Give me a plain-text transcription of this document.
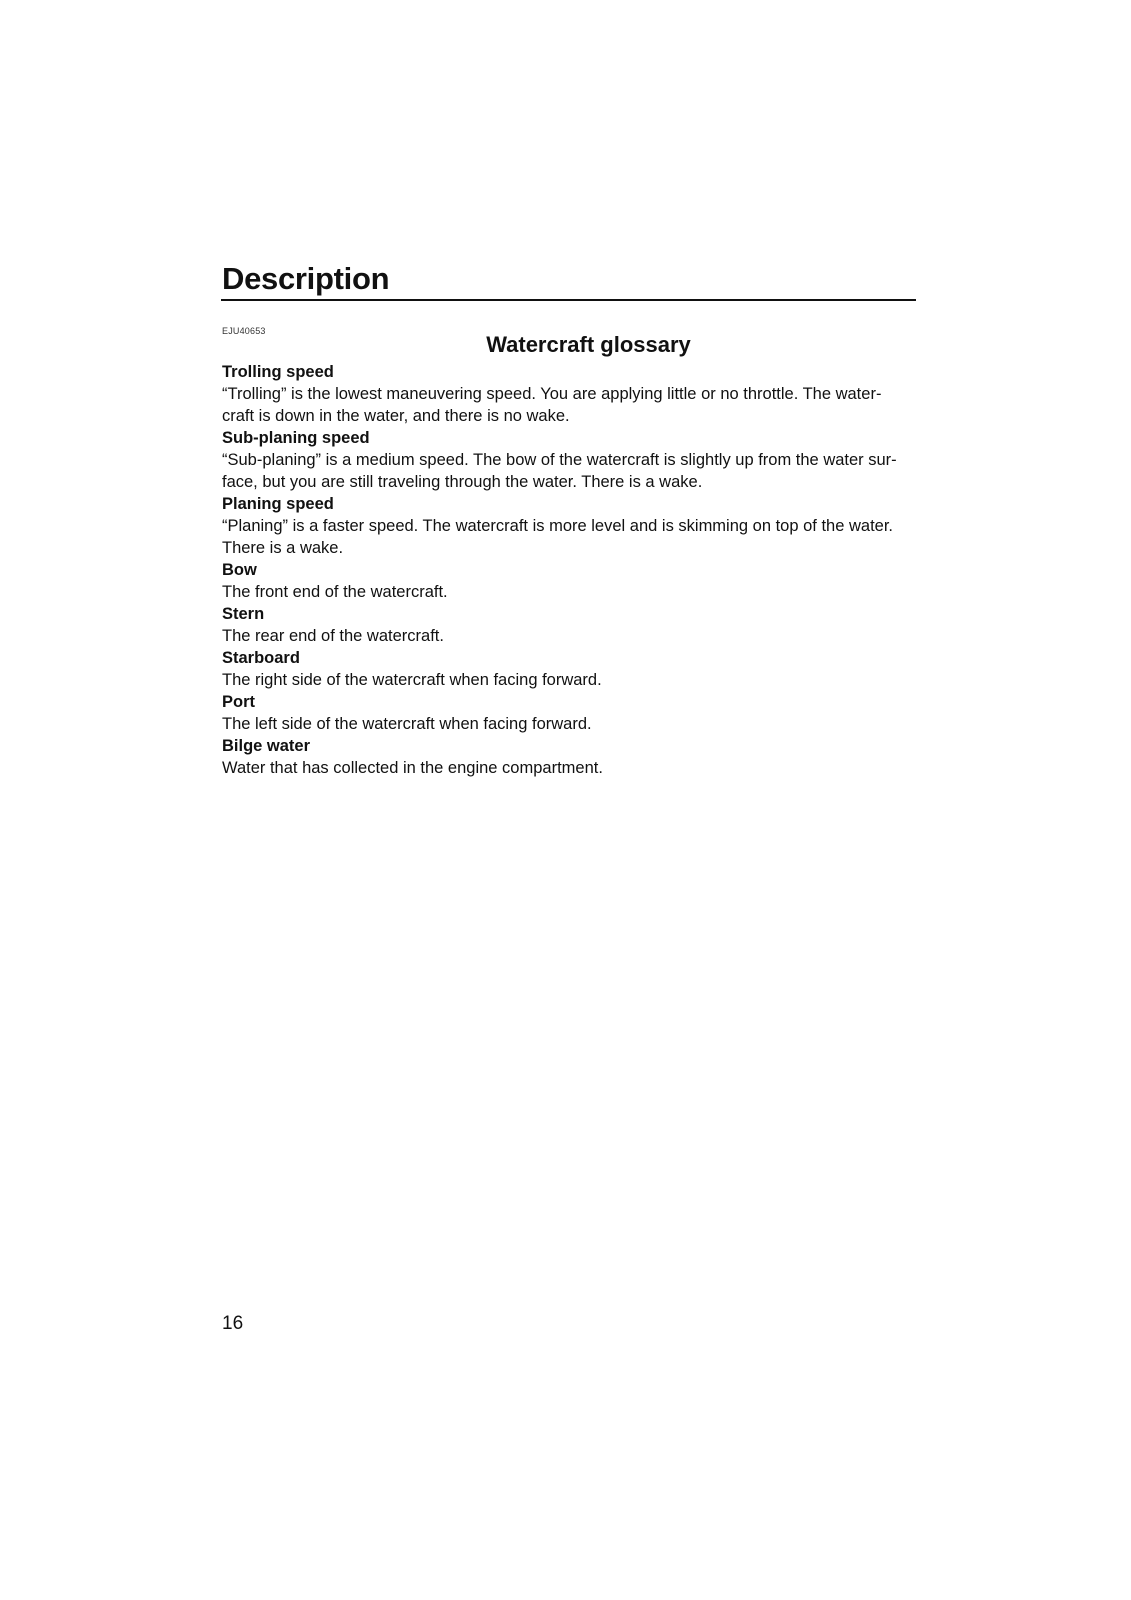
Description
EJU40653
Watercraft glossary

Trolling speed

“Trolling” is the lowest maneuvering speed. You are applying little or no throttle. The water-
craft is down in the water, and there is no wake.

Sub-planing speed

“Sub-planing” is a medium speed. The bow of the watercraft is slightly up from the water sur-
face, but you are still traveling through the water. There is a wake.

Planing speed

“Planing” is a faster speed. The watercraft is more level and is skimming on top of the water.
There is a wake.

Bow

The front end of the watercraft.

Stern

The rear end of the watercraft.

Starboard

The right side of the watercraft when facing forward.

Port

The left side of the watercraft when facing forward.

Bilge water

Water that has collected in the engine compartment.

16
